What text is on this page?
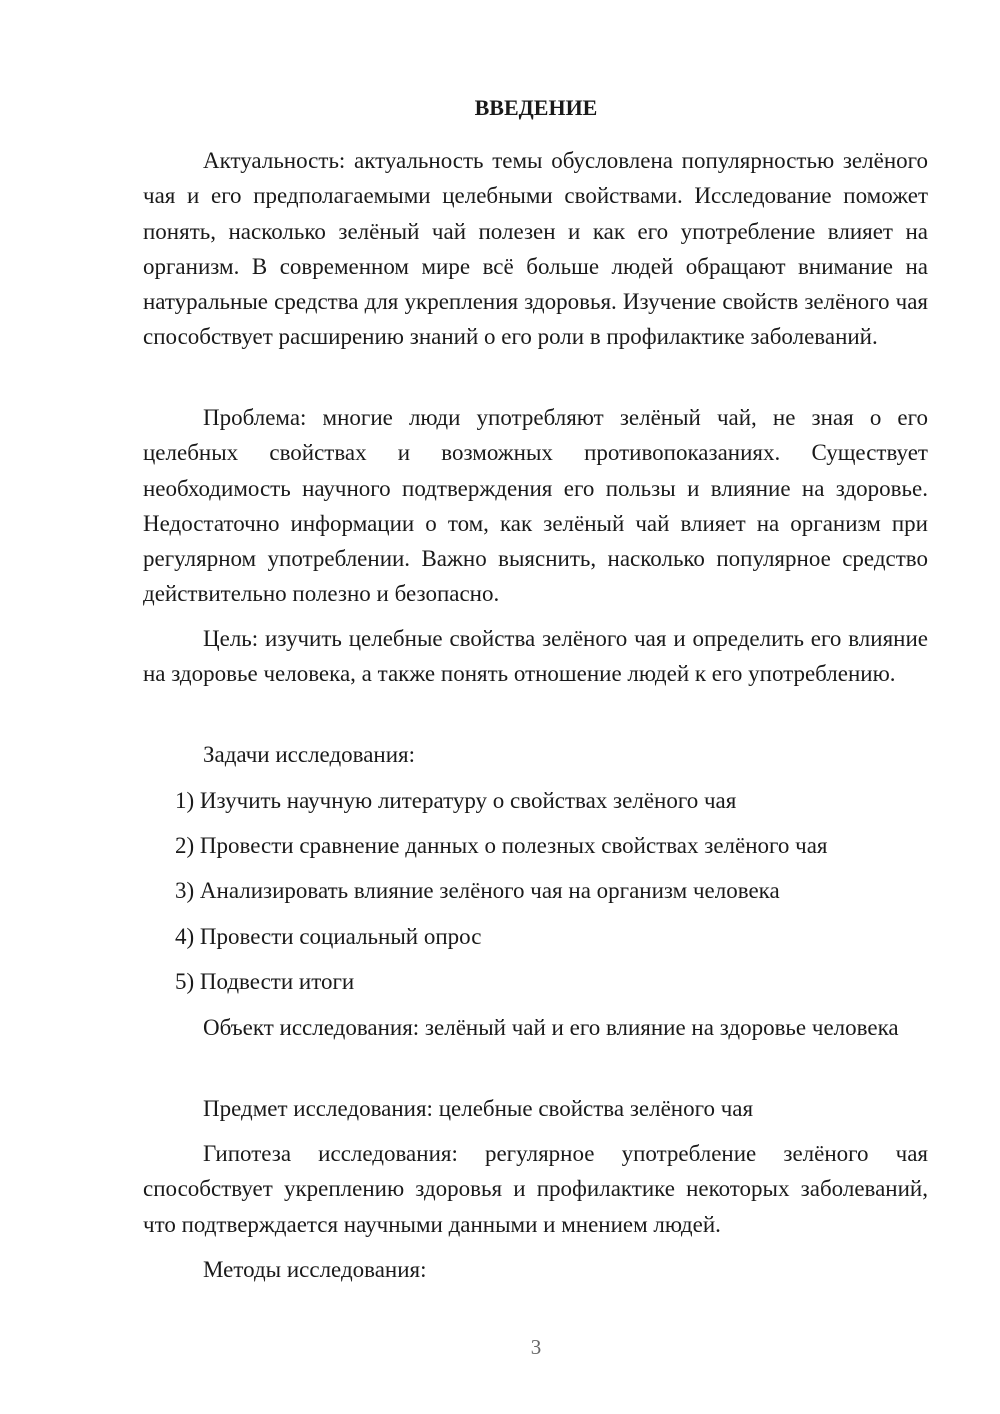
ВВЕДЕНИЕ

Актуальность: актуальность темы обусловлена популярностью зелёного чая и его предполагаемыми целебными свойствами. Исследование поможет понять, насколько зелёный чай полезен и как его употребление влияет на организм. В современном мире всё больше людей обращают внимание на натуральные средства для укрепления здоровья. Изучение свойств зелёного чая способствует расширению знаний о его роли в профилактике заболеваний.

Проблема: многие люди употребляют зелёный чай, не зная о его целебных свойствах и возможных противопоказаниях. Существует необходимость научного подтверждения его пользы и влияние на здоровье. Недостаточно информации о том, как зелёный чай влияет на организм при регулярном употреблении. Важно выяснить, насколько популярное средство действительно полезно и безопасно.

Цель: изучить целебные свойства зелёного чая и определить его влияние на здоровье человека, а также понять отношение людей к его употреблению.

Задачи исследования:

1) Изучить научную литературу о свойствах зелёного чая

2) Провести сравнение данных о полезных свойствах зелёного чая

3) Анализировать влияние зелёного чая на организм человека

4) Провести социальный опрос

5) Подвести итоги

Объект исследования: зелёный чай и его влияние на здоровье человека

Предмет исследования: целебные свойства зелёного чая

Гипотеза исследования: регулярное употребление зелёного чая способствует укреплению здоровья и профилактике некоторых заболеваний, что подтверждается научными данными и мнением людей.

Методы исследования:

3
